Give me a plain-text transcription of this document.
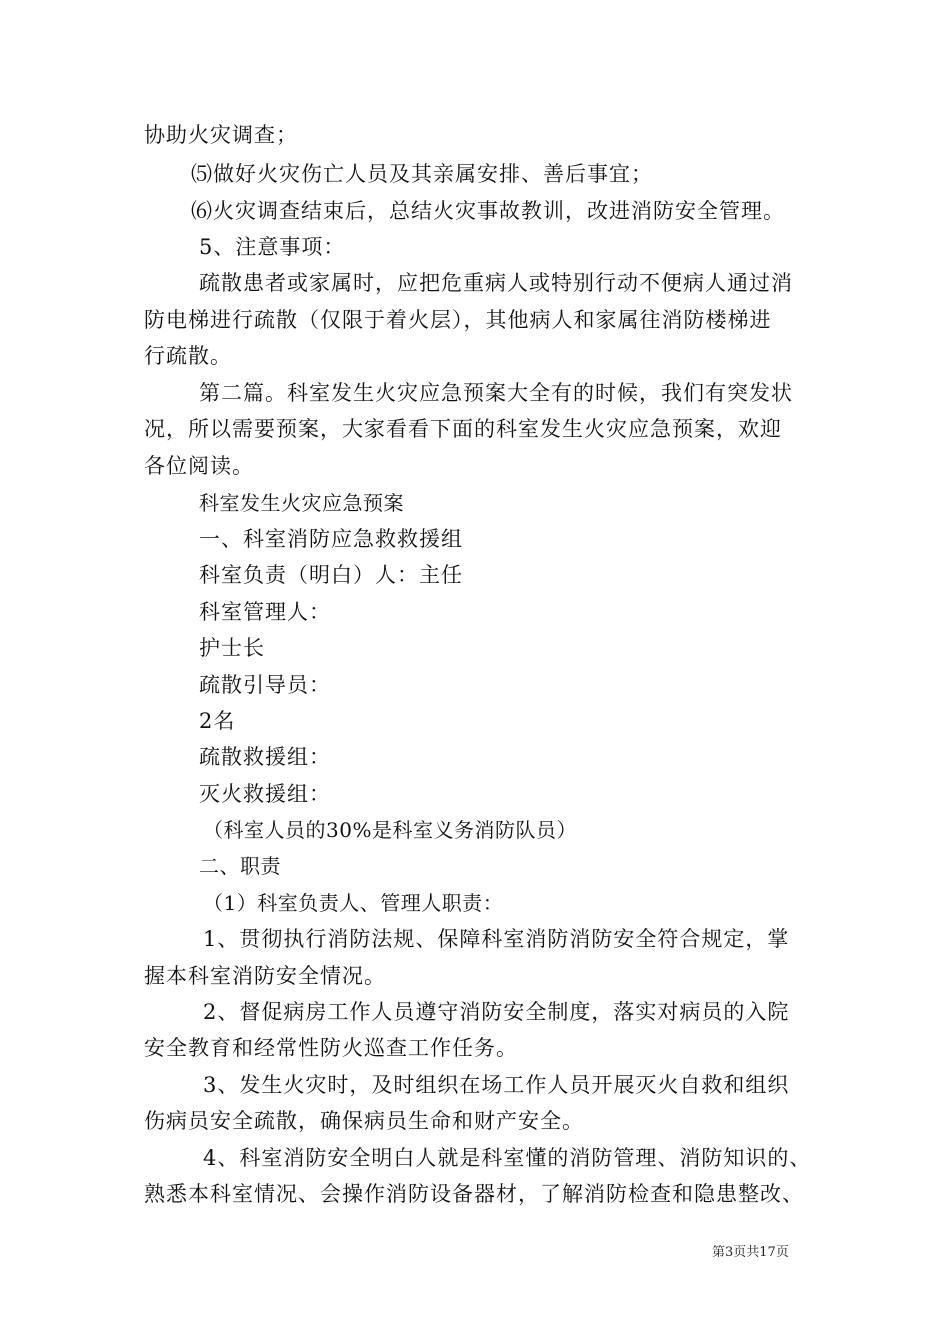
协助火灾调查；
⑸做好火灾伤亡人员及其亲属安排、善后事宜；
⑹火灾调查结束后，总结火灾事故教训，改进消防安全管理。
5、注意事项：
疏散患者或家属时，应把危重病人或特别行动不便病人通过消
防电梯进行疏散（仅限于着火层），其他病人和家属往消防楼梯进
行疏散。
第二篇。科室发生火灾应急预案大全有的时候，我们有突发状
况，所以需要预案，大家看看下面的科室发生火灾应急预案，欢迎
各位阅读。
科室发生火灾应急预案
一、科室消防应急救救援组
科室负责（明白）人：主任
科室管理人：
护士长
疏散引导员：
2名
疏散救援组：
灭火救援组：
（科室人员的30%是科室义务消防队员）
二、职责
（1）科室负责人、管理人职责：
1、贯彻执行消防法规、保障科室消防消防安全符合规定，掌
握本科室消防安全情况。
2、督促病房工作人员遵守消防安全制度，落实对病员的入院
安全教育和经常性防火巡查工作任务。
3、发生火灾时，及时组织在场工作人员开展灭火自救和组织
伤病员安全疏散，确保病员生命和财产安全。
4、科室消防安全明白人就是科室懂的消防管理、消防知识的、
熟悉本科室情况、会操作消防设备器材，了解消防检查和隐患整改、
第3页共17页
